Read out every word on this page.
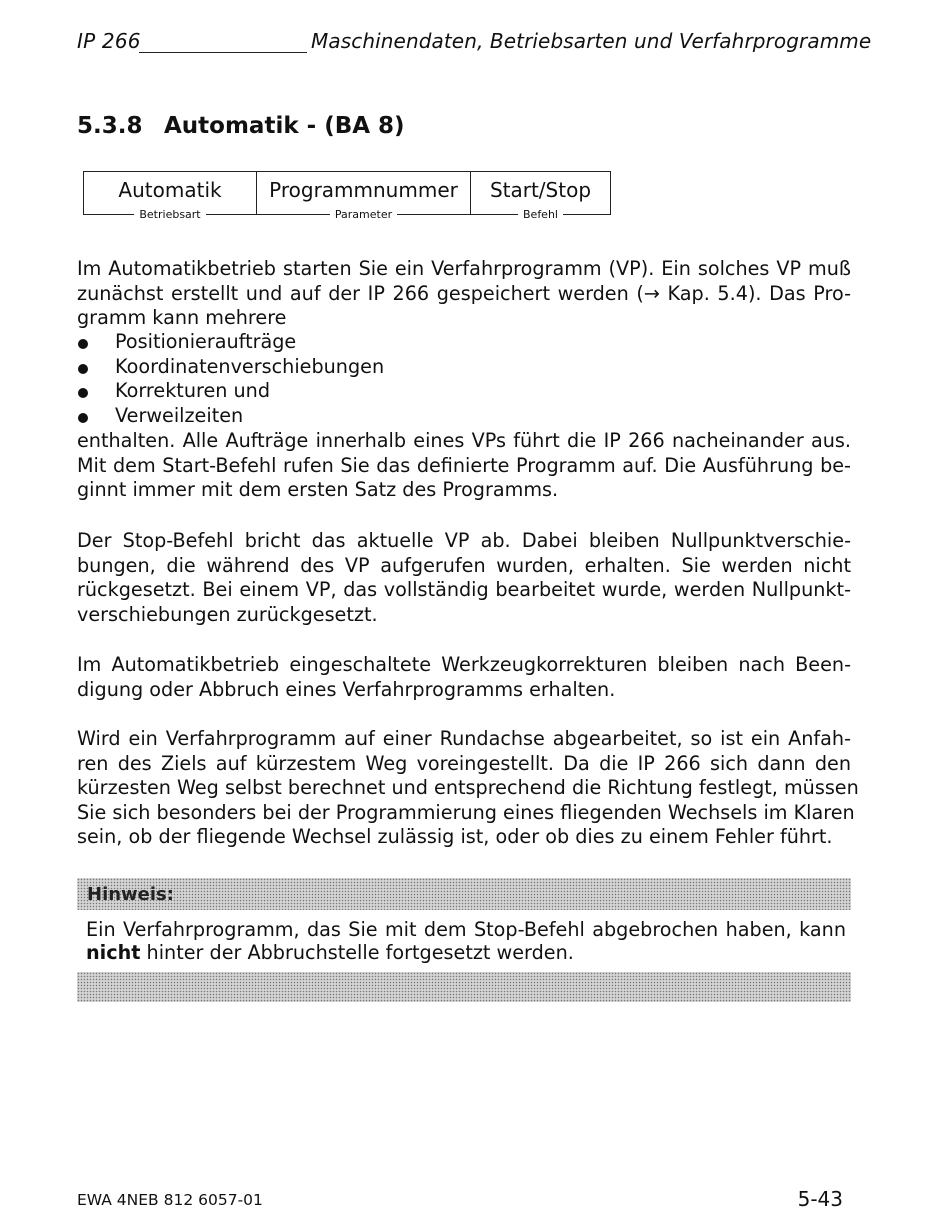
IP 266	Maschinendaten, Betriebsarten und Verfahrprogramme
5.3.8 Automatik - (BA 8)
Automatik
Betriebsart
Programmnummer
Parameter
Start/Stop
Befehl

Im Automatikbetrieb starten Sie ein Verfahrprogramm (VP). Ein solches VP muß
zunächst erstellt und auf der IP 266 gespeichert werden (→ Kap. 5.4). Das Pro-
gramm kann mehrere

Positionieraufträge
Koordinatenverschiebungen
Korrekturen und
Verweilzeiten

enthalten. Alle Aufträge innerhalb eines VPs führt die IP 266 nacheinander aus.
Mit dem Start-Befehl rufen Sie das definierte Programm auf. Die Ausführung be-
ginnt immer mit dem ersten Satz des Programms.

Der Stop-Befehl bricht das aktuelle VP ab. Dabei bleiben Nullpunktverschie-
bungen, die während des VP aufgerufen wurden, erhalten. Sie werden nicht
rückgesetzt. Bei einem VP, das vollständig bearbeitet wurde, werden Nullpunkt-
verschiebungen zurückgesetzt.

Im Automatikbetrieb eingeschaltete Werkzeugkorrekturen bleiben nach Been-
digung oder Abbruch eines Verfahrprogramms erhalten.

Wird ein Verfahrprogramm auf einer Rundachse abgearbeitet, so ist ein Anfah-
ren des Ziels auf kürzestem Weg voreingestellt. Da die IP 266 sich dann den
kürzesten Weg selbst berechnet und entsprechend die Richtung festlegt, müssen
Sie sich besonders bei der Programmierung eines fliegenden Wechsels im Klaren
sein, ob der fliegende Wechsel zulässig ist, oder ob dies zu einem Fehler führt.

Hinweis:
Ein Verfahrprogramm, das Sie mit dem Stop-Befehl abgebrochen haben, kann
nicht hinter der Abbruchstelle fortgesetzt werden.
EWA 4NEB 812 6057-01	5-43
